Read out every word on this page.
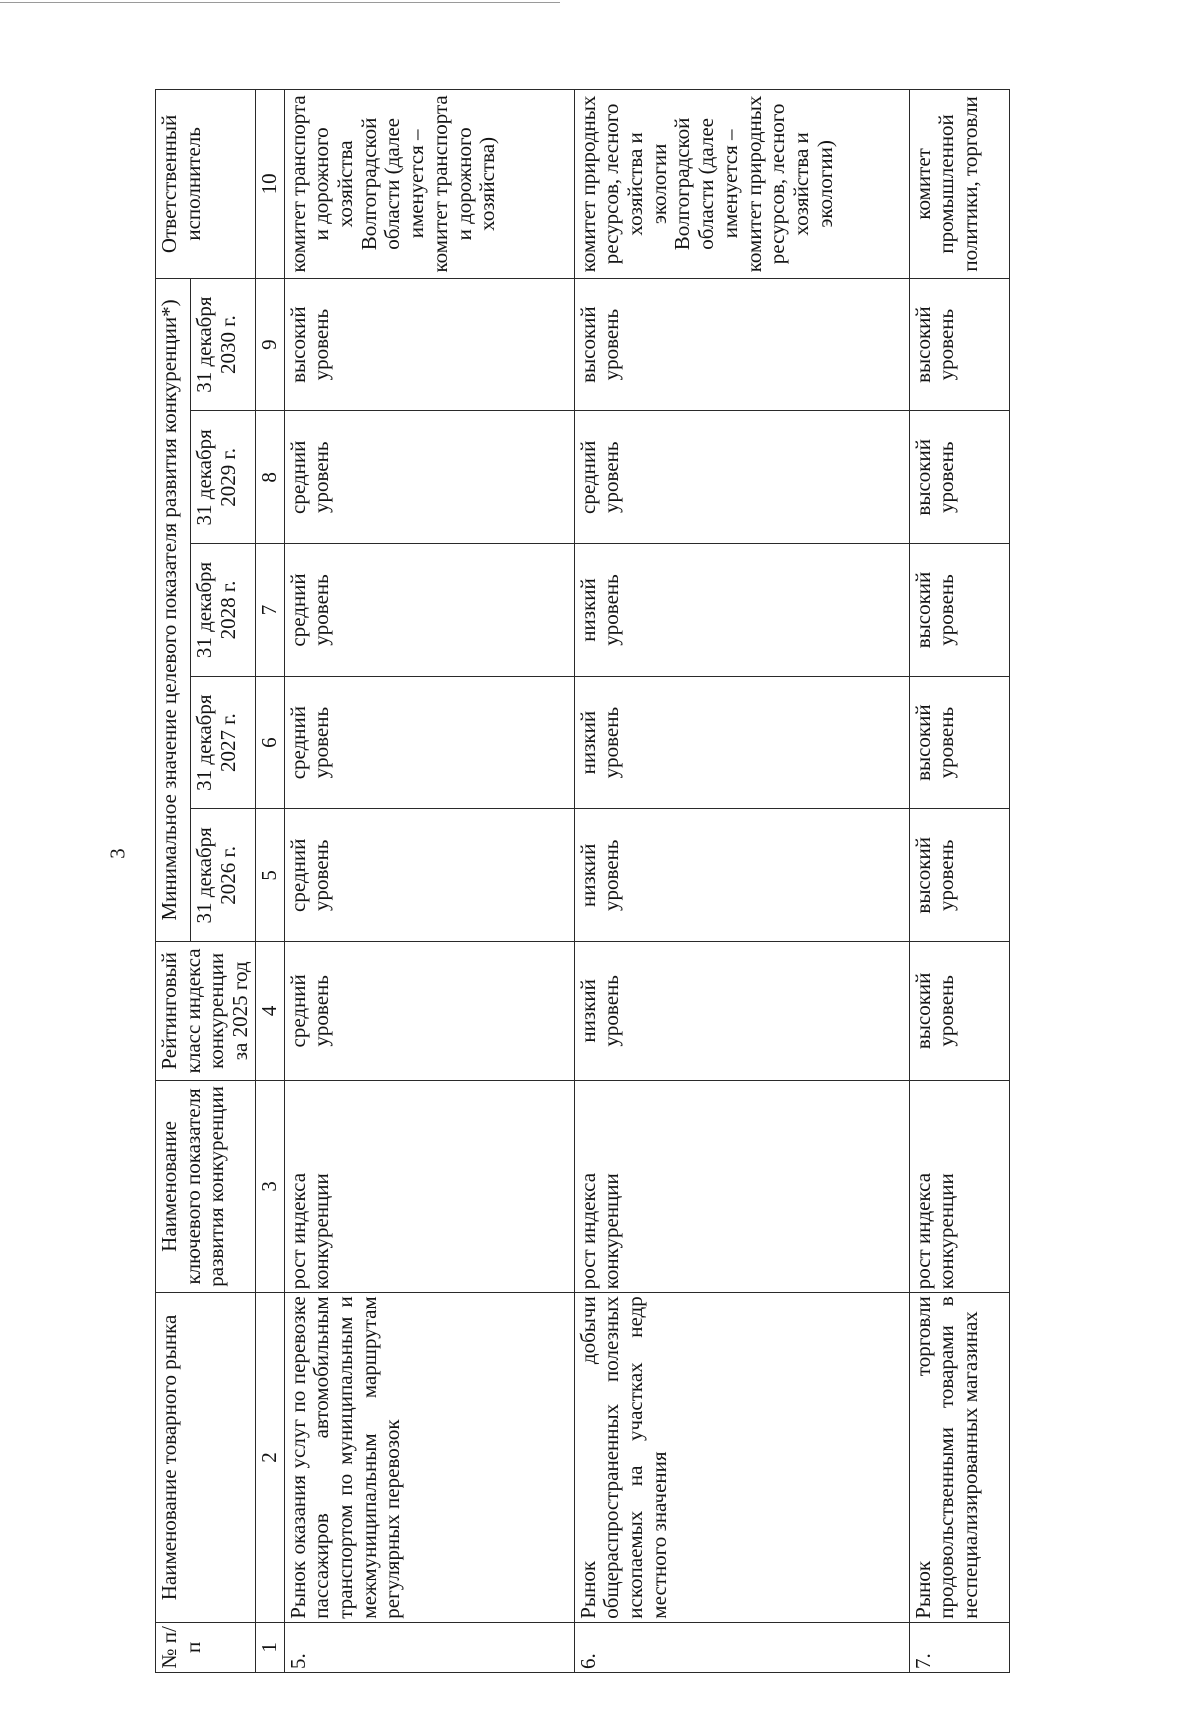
3
№ п/п	Наименование товарного рынка	Наименование ключевого показателя развития конкуренции	Рейтинговый класс индекса конкуренции за 2025 год	Минимальное значение целевого показателя развития конкуренции*)					Ответственный исполнитель
				31 декабря 2026 г.	31 декабря 2027 г.	31 декабря 2028 г.	31 декабря 2029 г.	31 декабря 2030 г.	
1	2	3	4	5	6	7	8	9	10
5.	Рынок оказания услуг по перевозке пассажиров автомобильным транспортом по муниципальным и межмуниципальным маршрутам регулярных перевозок	рост индекса конкуренции	средний уровень	средний уровень	средний уровень	средний уровень	средний уровень	высокий уровень	комитет транспорта и дорожного хозяйства Волгоградской области (далее именуется – комитет транспорта и дорожного хозяйства)
6.	Рынок добычи общераспространенных полезных ископаемых на участках недр местного значения	рост индекса конкуренции	низкий уровень	низкий уровень	низкий уровень	низкий уровень	средний уровень	высокий уровень	комитет природных ресурсов, лесного хозяйства и экологии Волгоградской области (далее именуется – комитет природных ресурсов, лесного хозяйства и экологии)
7.	Рынок торговли продовольственными товарами в неспециализированных магазинах	рост индекса конкуренции	высокий уровень	высокий уровень	высокий уровень	высокий уровень	высокий уровень	высокий уровень	комитет промышленной политики, торговли
